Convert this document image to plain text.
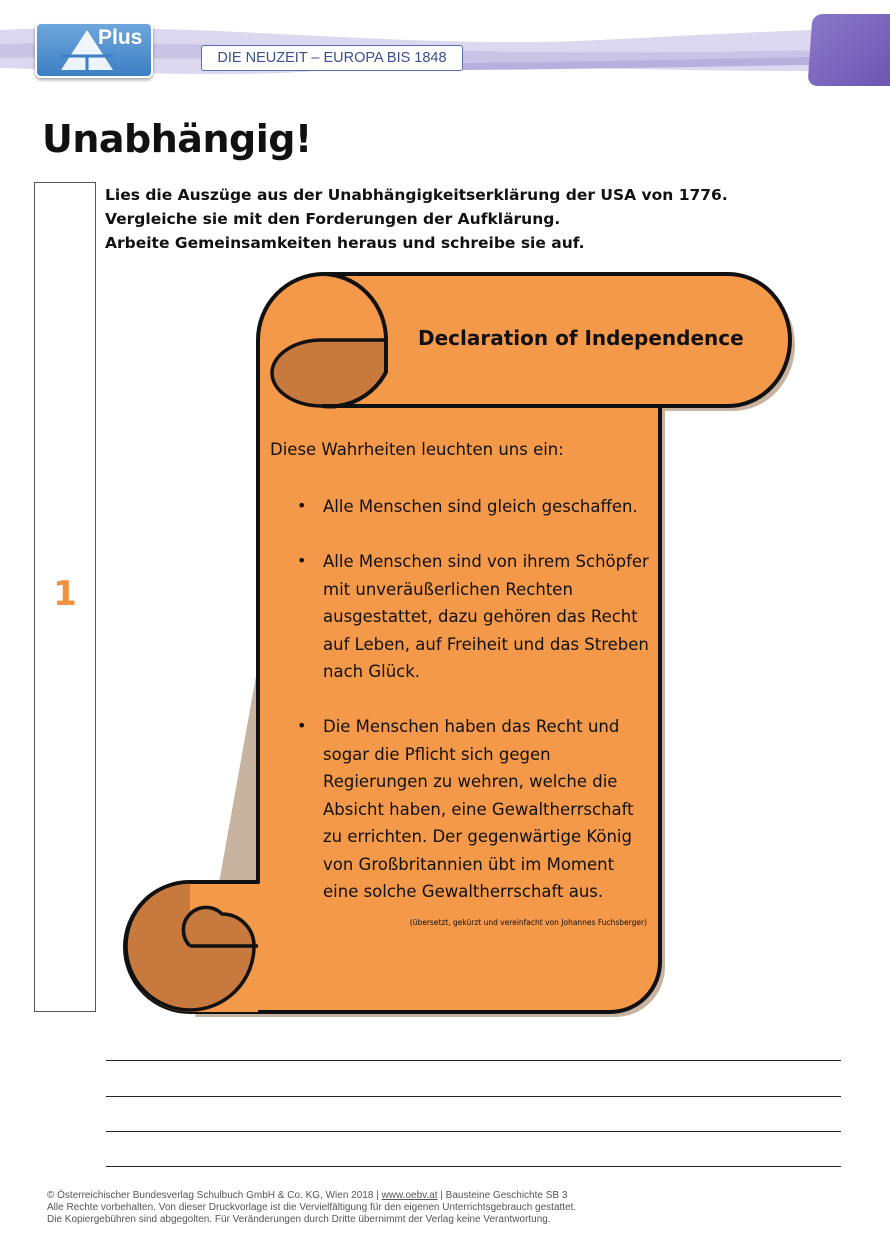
Plus
DIE NEUZEIT – EUROPA BIS 1848
Unabhängig!
1
Lies die Auszüge aus der Unabhängigkeitserklärung der USA von 1776.
Vergleiche sie mit den Forderungen der Aufklärung.
Arbeite Gemeinsamkeiten heraus und schreibe sie auf.
Declaration of Independence
Diese Wahrheiten leuchten uns ein:
• Alle Menschen sind gleich geschaffen.
• Alle Menschen sind von ihrem Schöpfer mit unveräußerlichen Rechten ausgestattet, dazu gehören das Recht auf Leben, auf Freiheit und das Streben nach Glück.
• Die Menschen haben das Recht und sogar die Pflicht sich gegen Regierungen zu wehren, welche die Absicht haben, eine Gewaltherrschaft zu errichten. Der gegenwärtige König von Großbritannien übt im Moment eine solche Gewaltherrschaft aus.
(übersetzt, gekürzt und vereinfacht von Johannes Fuchsberger)
© Österreichischer Bundesverlag Schulbuch GmbH & Co. KG, Wien 2018 | www.oebv.at | Bausteine Geschichte SB 3
Alle Rechte vorbehalten. Von dieser Druckvorlage ist die Vervielfältigung für den eigenen Unterrichtsgebrauch gestattet.
Die Kopiergebühren sind abgegolten. Für Veränderungen durch Dritte übernimmt der Verlag keine Verantwortung.
